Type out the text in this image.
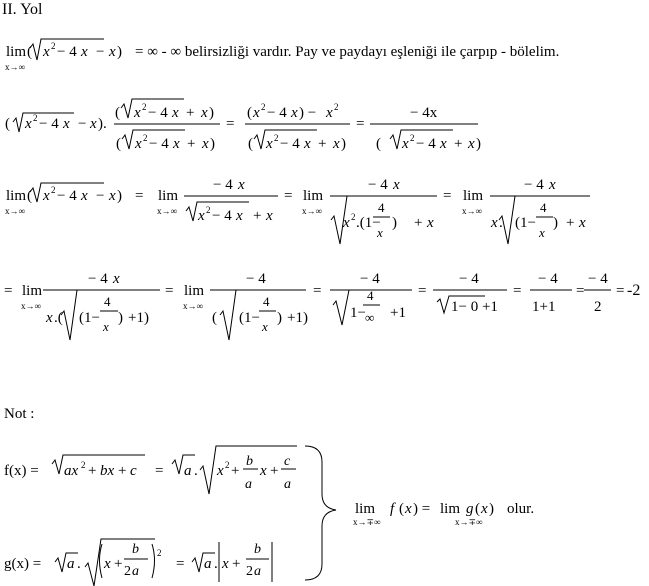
II. Yol
lim
x→∞
( x 2 − 4 x − x ) = ∞ - ∞ belirsizliği vardır. Pay ve paydayı eşleniği ile çarpıp - bölelim.
( x 2 − 4 x − x ).
( x 2 − 4 x + x )
( x 2 − 4 x + x )
=
( x 2 − 4 x ) − x 2
( x 2 − 4 x + x )
=
− 4x
( x 2 − 4 x + x )
lim
x→∞
( x 2 − 4 x − x ) = lim
x→∞
− 4 x
x 2 − 4 x + x
= lim
x→∞
− 4 x
x 2 .(1−
4
x
) + x
= lim
x→∞
− 4 x
x . (1−
4
x
) + x
= lim
x→∞
− 4 x
x .( (1−
4
x
) +1)
= lim
x→∞
− 4
( (1−
4
x
) +1)
=
− 4
1−
4
∞ +1
=
− 4
1− 0 +1
=
− 4
1+1
=
− 4
2
= -2
Not :
f(x) = ax 2 + bx + c = a . x 2 +
b
a
x +
c
a
lim
x→∓∞
f ( x ) = lim
x→∓∞
g ( x ) olur.
g(x) = a . x +
b
2 a
2
= a . x +
b
2 a
